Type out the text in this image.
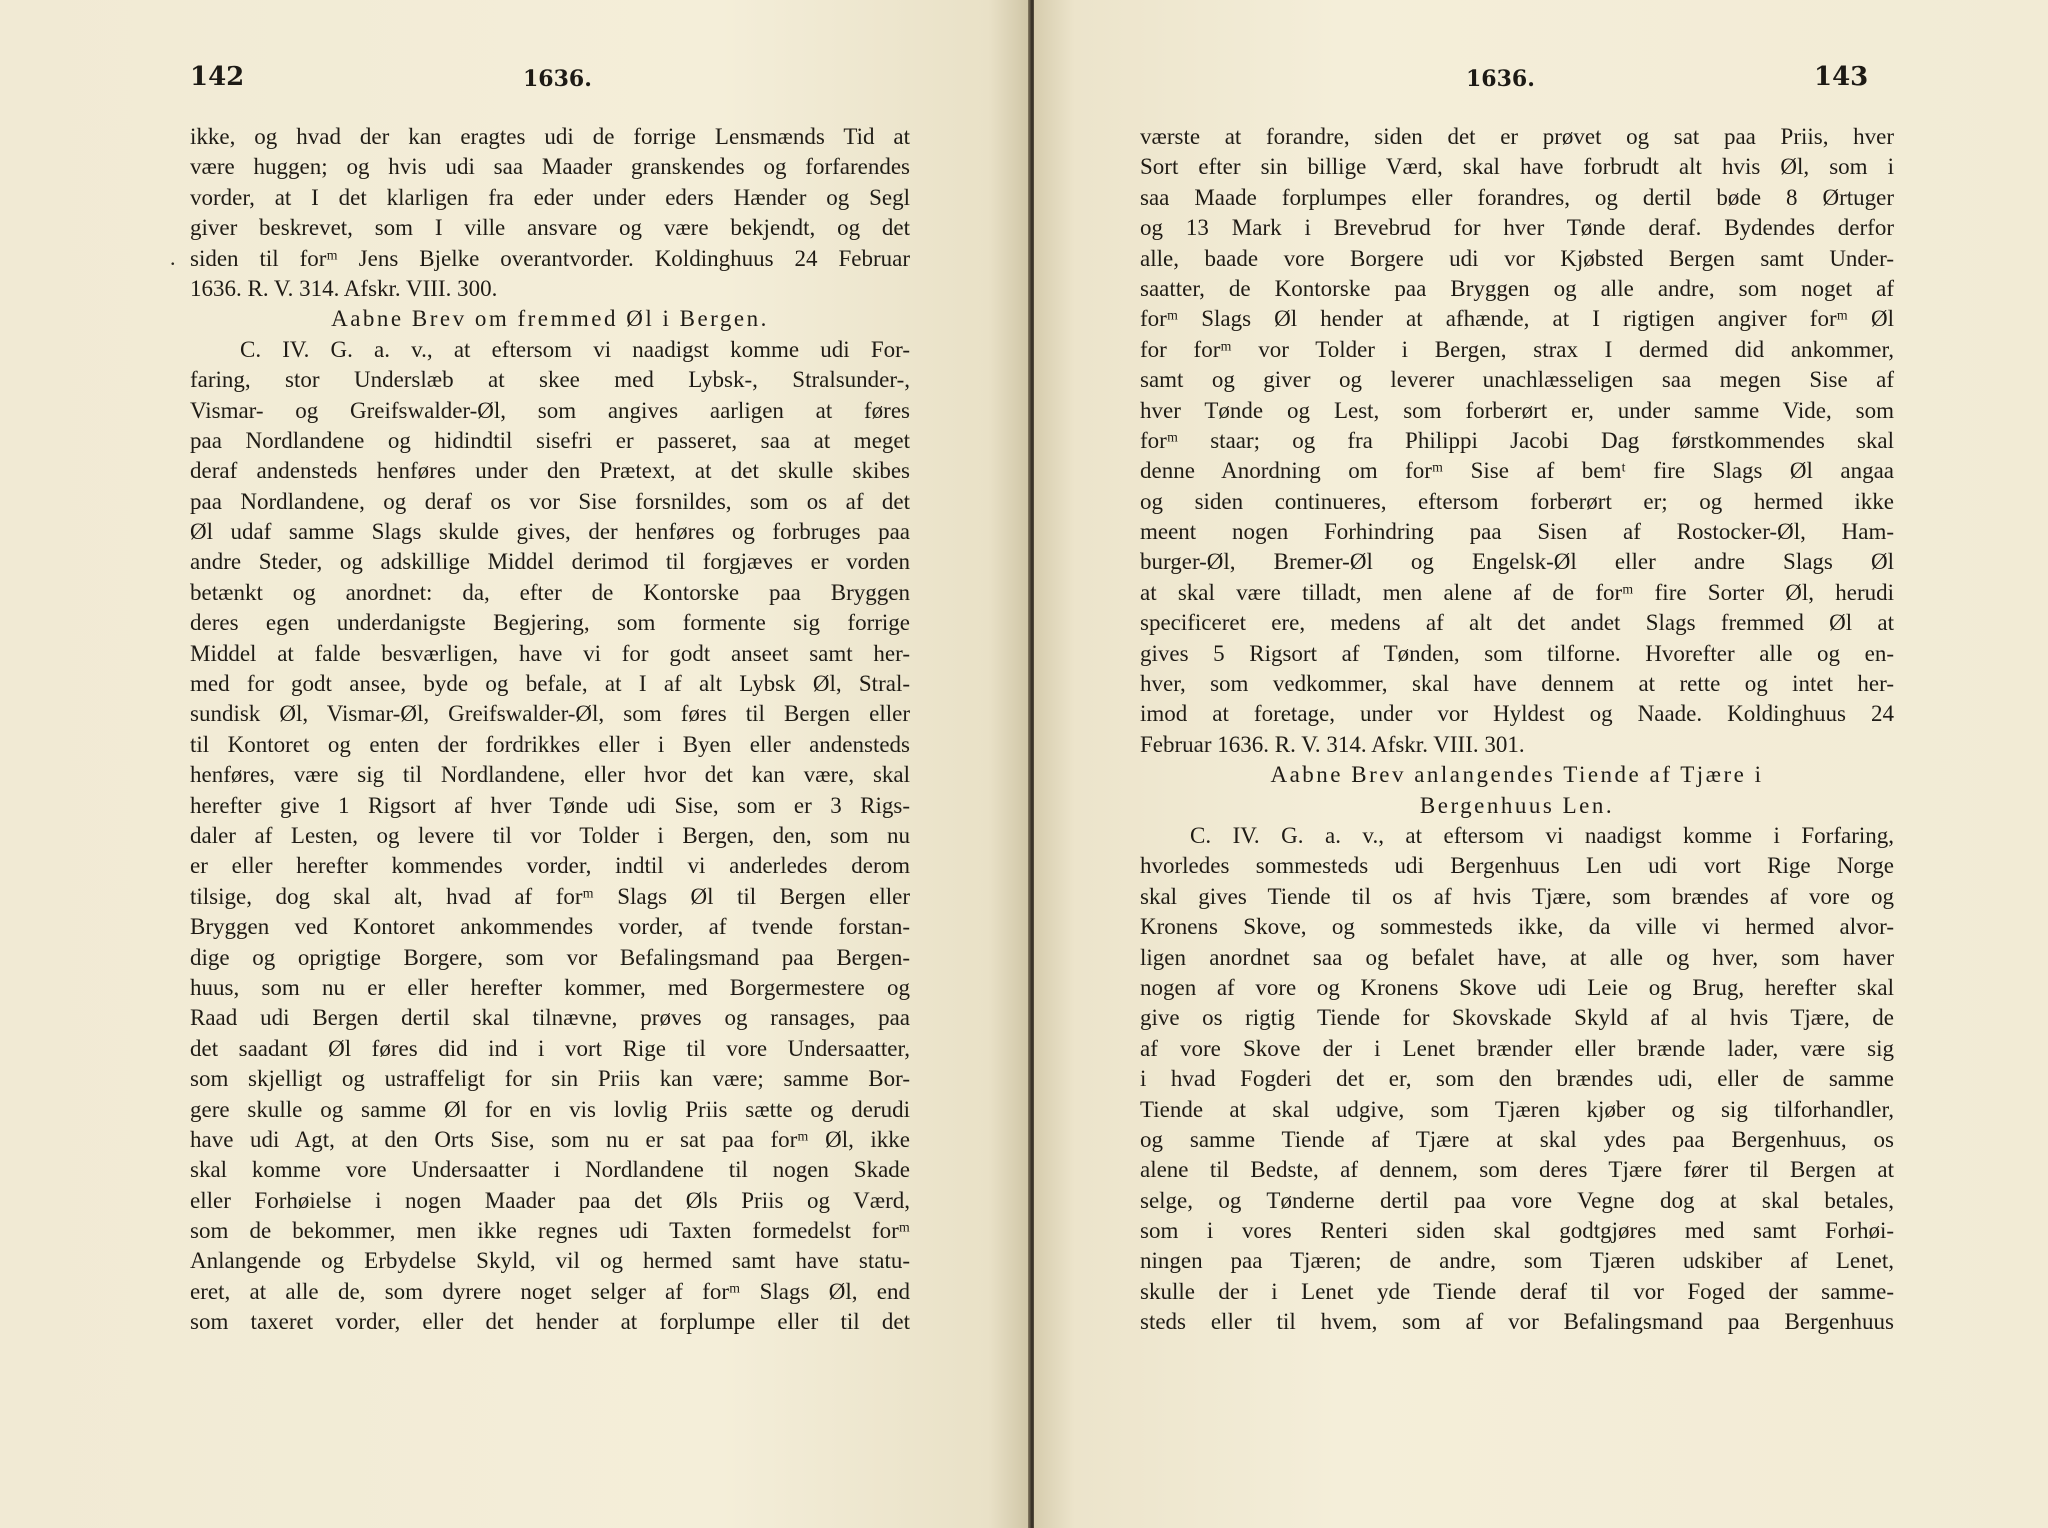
142	1636.
.
ikke, og hvad der kan eragtes udi de forrige Lensmænds Tid at
være huggen; og hvis udi saa Maader granskendes og forfarendes
vorder, at I det klarligen fra eder under eders Hænder og Segl
giver beskrevet, som I ville ansvare og være bekjendt, og det
siden til forᵐ Jens Bjelke overantvorder. Koldinghuus 24 Februar
1636. R. V. 314. Afskr. VIII. 300.
Aabne Brev om fremmed Øl i Bergen.
C. IV. G. a. v., at eftersom vi naadigst komme udi For-
faring, stor Underslæb at skee med Lybsk-, Stralsunder-,
Vismar- og Greifswalder-Øl, som angives aarligen at føres
paa Nordlandene og hidindtil sisefri er passeret, saa at meget
deraf andensteds henføres under den Prætext, at det skulle skibes
paa Nordlandene, og deraf os vor Sise forsnildes, som os af det
Øl udaf samme Slags skulde gives, der henføres og forbruges paa
andre Steder, og adskillige Middel derimod til forgjæves er vorden
betænkt og anordnet: da, efter de Kontorske paa Bryggen
deres egen underdanigste Begjering, som formente sig forrige
Middel at falde besværligen, have vi for godt anseet samt her-
med for godt ansee, byde og befale, at I af alt Lybsk Øl, Stral-
sundisk Øl, Vismar-Øl, Greifswalder-Øl, som føres til Bergen eller
til Kontoret og enten der fordrikkes eller i Byen eller andensteds
henføres, være sig til Nordlandene, eller hvor det kan være, skal
herefter give 1 Rigsort af hver Tønde udi Sise, som er 3 Rigs-
daler af Lesten, og levere til vor Tolder i Bergen, den, som nu
er eller herefter kommendes vorder, indtil vi anderledes derom
tilsige, dog skal alt, hvad af forᵐ Slags Øl til Bergen eller
Bryggen ved Kontoret ankommendes vorder, af tvende forstan-
dige og oprigtige Borgere, som vor Befalingsmand paa Bergen-
huus, som nu er eller herefter kommer, med Borgermestere og
Raad udi Bergen dertil skal tilnævne, prøves og ransages, paa
det saadant Øl føres did ind i vort Rige til vore Undersaatter,
som skjelligt og ustraffeligt for sin Priis kan være; samme Bor-
gere skulle og samme Øl for en vis lovlig Priis sætte og derudi
have udi Agt, at den Orts Sise, som nu er sat paa forᵐ Øl, ikke
skal komme vore Undersaatter i Nordlandene til nogen Skade
eller Forhøielse i nogen Maader paa det Øls Priis og Værd,
som de bekommer, men ikke regnes udi Taxten formedelst forᵐ
Anlangende og Erbydelse Skyld, vil og hermed samt have statu-
eret, at alle de, som dyrere noget selger af forᵐ Slags Øl, end
som taxeret vorder, eller det hender at forplumpe eller til det
1636.	143
værste at forandre, siden det er prøvet og sat paa Priis, hver
Sort efter sin billige Værd, skal have forbrudt alt hvis Øl, som i
saa Maade forplumpes eller forandres, og dertil bøde 8 Ørtuger
og 13 Mark i Brevebrud for hver Tønde deraf. Bydendes derfor
alle, baade vore Borgere udi vor Kjøbsted Bergen samt Under-
saatter, de Kontorske paa Bryggen og alle andre, som noget af
forᵐ Slags Øl hender at afhænde, at I rigtigen angiver forᵐ Øl
for forᵐ vor Tolder i Bergen, strax I dermed did ankommer,
samt og giver og leverer unachlæsseligen saa megen Sise af
hver Tønde og Lest, som forberørt er, under samme Vide, som
forᵐ staar; og fra Philippi Jacobi Dag førstkommendes skal
denne Anordning om forᵐ Sise af bemᵗ fire Slags Øl angaa
og siden continueres, eftersom forberørt er; og hermed ikke
meent nogen Forhindring paa Sisen af Rostocker-Øl, Ham-
burger-Øl, Bremer-Øl og Engelsk-Øl eller andre Slags Øl
at skal være tilladt, men alene af de forᵐ fire Sorter Øl, herudi
specificeret ere, medens af alt det andet Slags fremmed Øl at
gives 5 Rigsort af Tønden, som tilforne. Hvorefter alle og en-
hver, som vedkommer, skal have dennem at rette og intet her-
imod at foretage, under vor Hyldest og Naade. Koldinghuus 24
Februar 1636. R. V. 314. Afskr. VIII. 301.
Aabne Brev anlangendes Tiende af Tjære i
Bergenhuus Len.
C. IV. G. a. v., at eftersom vi naadigst komme i Forfaring,
hvorledes sommesteds udi Bergenhuus Len udi vort Rige Norge
skal gives Tiende til os af hvis Tjære, som brændes af vore og
Kronens Skove, og sommesteds ikke, da ville vi hermed alvor-
ligen anordnet saa og befalet have, at alle og hver, som haver
nogen af vore og Kronens Skove udi Leie og Brug, herefter skal
give os rigtig Tiende for Skovskade Skyld af al hvis Tjære, de
af vore Skove der i Lenet brænder eller brænde lader, være sig
i hvad Fogderi det er, som den brændes udi, eller de samme
Tiende at skal udgive, som Tjæren kjøber og sig tilforhandler,
og samme Tiende af Tjære at skal ydes paa Bergenhuus, os
alene til Bedste, af dennem, som deres Tjære fører til Bergen at
selge, og Tønderne dertil paa vore Vegne dog at skal betales,
som i vores Renteri siden skal godtgjøres med samt Forhøi-
ningen paa Tjæren; de andre, som Tjæren udskiber af Lenet,
skulle der i Lenet yde Tiende deraf til vor Foged der samme-
steds eller til hvem, som af vor Befalingsmand paa Bergenhuus
